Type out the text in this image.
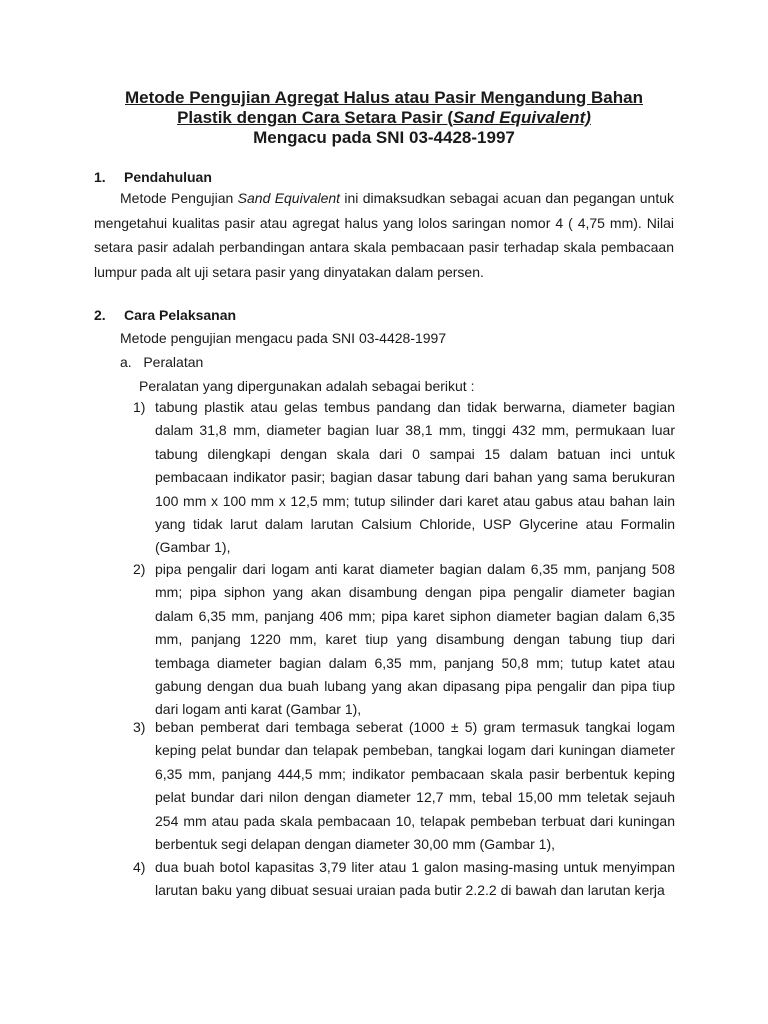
Metode Pengujian Agregat Halus atau Pasir Mengandung Bahan
Plastik dengan Cara Setara Pasir (Sand Equivalent)
Mengacu pada SNI 03-4428-1997
1. Pendahuluan
Metode Pengujian Sand Equivalent ini dimaksudkan sebagai acuan dan pegangan untuk mengetahui kualitas pasir atau agregat halus yang lolos saringan nomor 4 ( 4,75 mm). Nilai setara pasir adalah perbandingan antara skala pembacaan pasir terhadap skala pembacaan lumpur pada alt uji setara pasir yang dinyatakan dalam persen.
2. Cara Pelaksanan
Metode pengujian mengacu pada SNI 03-4428-1997
a.   Peralatan
Peralatan yang dipergunakan adalah sebagai berikut :
1) tabung plastik atau gelas tembus pandang dan tidak berwarna, diameter bagian dalam 31,8 mm, diameter bagian luar 38,1 mm, tinggi 432 mm, permukaan luar tabung dilengkapi dengan skala dari 0 sampai 15 dalam batuan inci untuk pembacaan indikator pasir; bagian dasar tabung dari bahan yang sama berukuran 100 mm x 100 mm x 12,5 mm; tutup silinder dari karet atau gabus atau bahan lain yang tidak larut dalam larutan Calsium Chloride, USP Glycerine atau Formalin (Gambar 1),
2) pipa pengalir dari logam anti karat diameter bagian dalam 6,35 mm, panjang 508 mm; pipa siphon yang akan disambung dengan pipa pengalir diameter bagian dalam 6,35 mm, panjang 406 mm; pipa karet siphon diameter bagian dalam 6,35 mm, panjang 1220 mm, karet tiup yang disambung dengan tabung tiup dari tembaga diameter bagian dalam 6,35 mm, panjang 50,8 mm; tutup katet atau gabung dengan dua buah lubang yang akan dipasang pipa pengalir dan pipa tiup dari logam anti karat (Gambar 1),
3) beban pemberat dari tembaga seberat (1000 ± 5) gram termasuk tangkai logam keping pelat bundar dan telapak pembeban, tangkai logam dari kuningan diameter 6,35 mm, panjang 444,5 mm; indikator pembacaan skala pasir berbentuk keping pelat bundar dari nilon dengan diameter 12,7 mm, tebal 15,00 mm teletak sejauh 254 mm atau pada skala pembacaan 10, telapak pembeban terbuat dari kuningan berbentuk segi delapan dengan diameter 30,00 mm (Gambar 1),
4) dua buah botol kapasitas 3,79 liter atau 1 galon masing-masing untuk menyimpan larutan baku yang dibuat sesuai uraian pada butir 2.2.2 di bawah dan larutan kerja
